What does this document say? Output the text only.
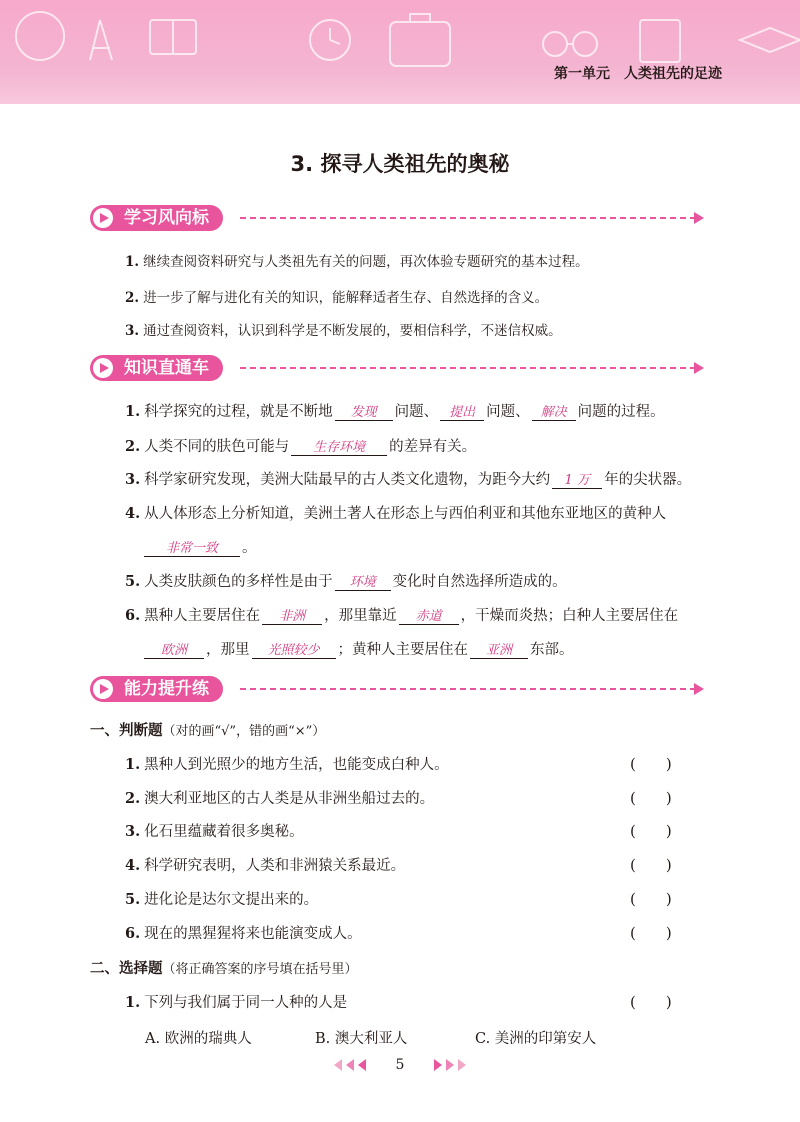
第一单元　人类祖先的足迹
3. 探寻人类祖先的奥秘
学习风向标
1. 继续查阅资料研究与人类祖先有关的问题，再次体验专题研究的基本过程。
2. 进一步了解与进化有关的知识，能解释适者生存、自然选择的含义。
3. 通过查阅资料，认识到科学是不断发展的，要相信科学，不迷信权威。
知识直通车
1. 科学探究的过程，就是不断地 发现 问题、 提出 问题、 解决 问题的过程。
2. 人类不同的肤色可能与 生存环境 的差异有关。
3. 科学家研究发现，美洲大陆最早的古人类文化遗物，为距今大约 1 万 年的尖状器。
4. 从人体形态上分析知道，美洲土著人在形态上与西伯利亚和其他东亚地区的黄种人
非常一致 。
5. 人类皮肤颜色的多样性是由于 环境 变化时自然选择所造成的。
6. 黑种人主要居住在 非洲 ，那里靠近 赤道 ，干燥而炎热；白种人主要居住在
欧洲 ，那里 光照较少 ；黄种人主要居住在 亚洲 东部。
能力提升练
一、判断题（对的画“√”，错的画“×”）
1. 黑种人到光照少的地方生活，也能变成白种人。	(　　)
2. 澳大利亚地区的古人类是从非洲坐船过去的。	(　　)
3. 化石里蕴藏着很多奥秘。	(　　)
4. 科学研究表明，人类和非洲猿关系最近。	(　　)
5. 进化论是达尔文提出来的。	(　　)
6. 现在的黑猩猩将来也能演变成人。	(　　)
二、选择题（将正确答案的序号填在括号里）
1. 下列与我们属于同一人种的人是	(　　)
A. 欧洲的瑞典人	B. 澳大利亚人	C. 美洲的印第安人
5
